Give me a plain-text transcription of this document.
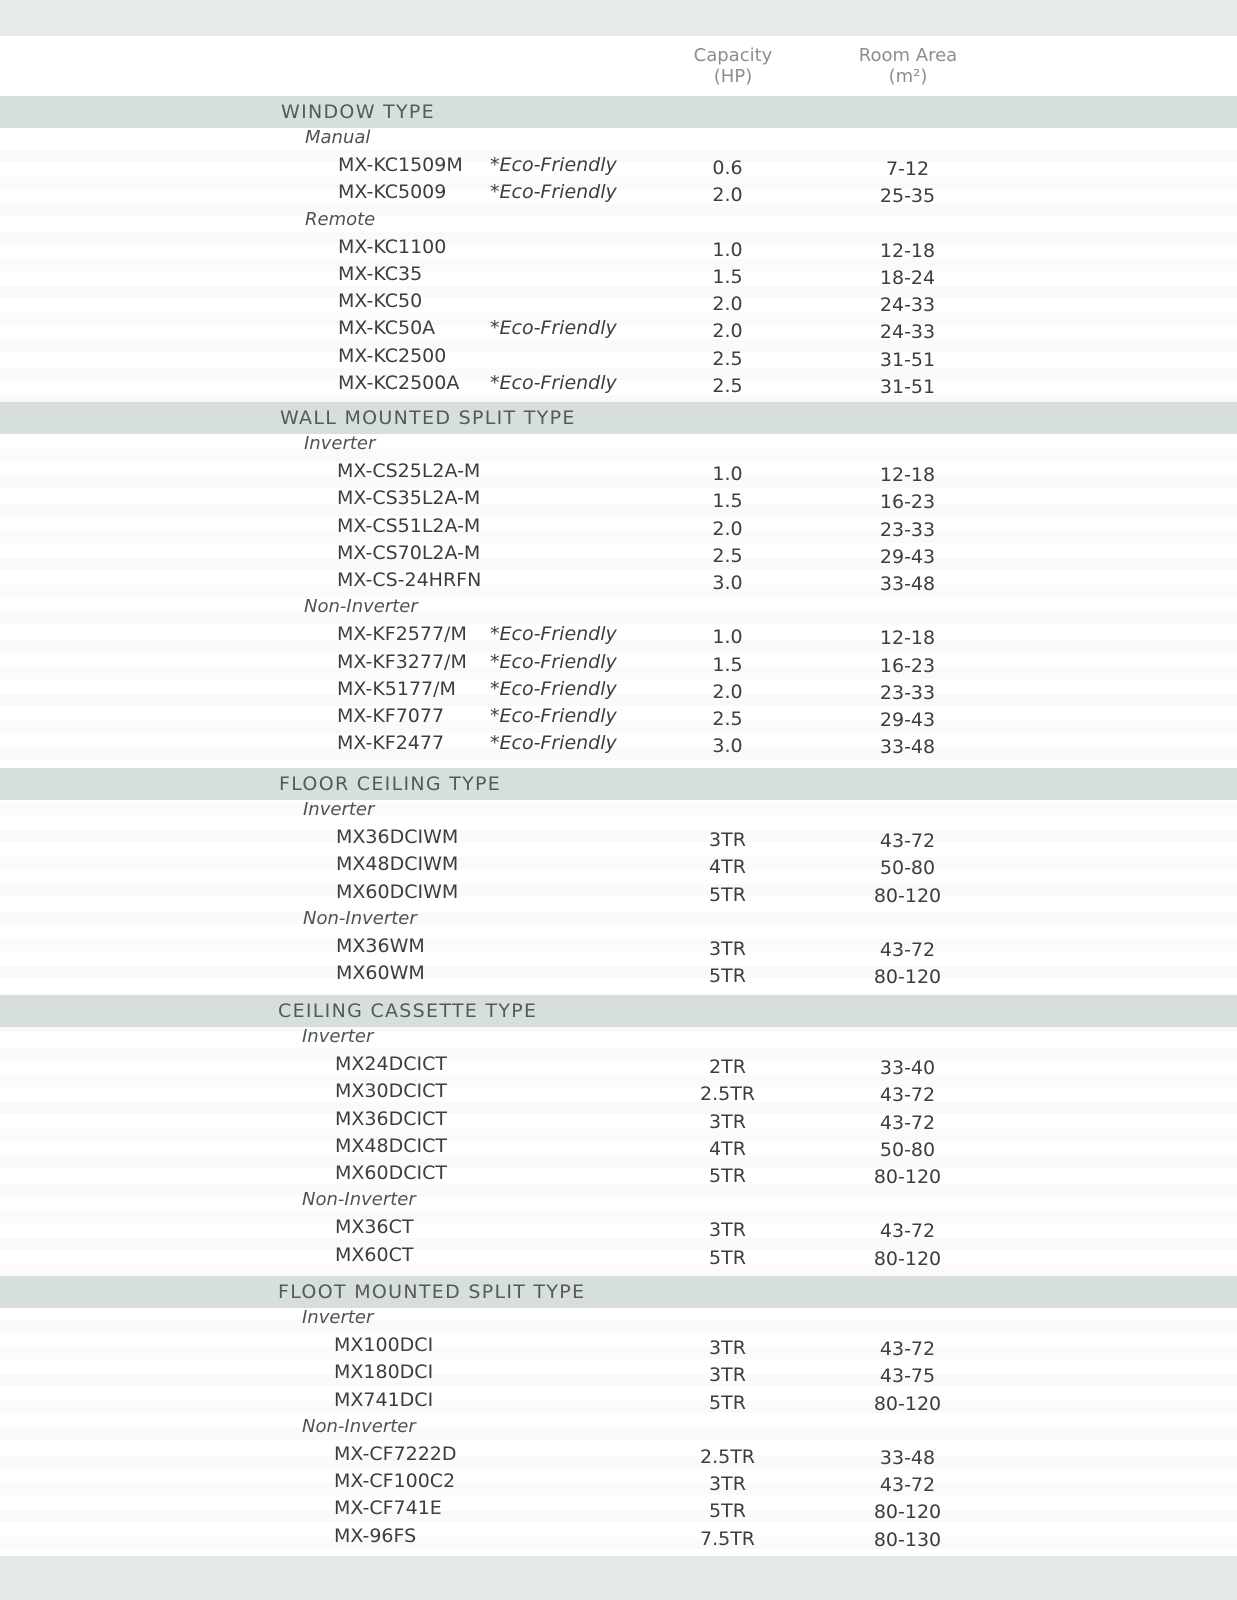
Capacity
(HP)
Room Area
(m²)
WINDOW TYPE
Manual
MX-KC1509M *Eco-Friendly	0.6	7-12
MX-KC5009 *Eco-Friendly	2.0	25-35
Remote
MX-KC1100	1.0	12-18
MX-KC35	1.5	18-24
MX-KC50	2.0	24-33
MX-KC50A	*Eco-Friendly	2.0	24-33
MX-KC2500	2.5	31-51
MX-KC2500A *Eco-Friendly	2.5	31-51
WALL MOUNTED SPLIT TYPE
Inverter
MX-CS25L2A-M	1.0	12-18
MX-CS35L2A-M	1.5	16-23
MX-CS51L2A-M	2.0	23-33
MX-CS70L2A-M	2.5	29-43
MX-CS-24HRFN	3.0	33-48
Non-Inverter
MX-KF2577/M *Eco-Friendly	1.0	12-18
MX-KF3277/M *Eco-Friendly	1.5	16-23
MX-K5177/M *Eco-Friendly	2.0	23-33
MX-KF7077 *Eco-Friendly	2.5	29-43
MX-KF2477 *Eco-Friendly	3.0	33-48
FLOOR CEILING TYPE
Inverter
MX36DCIWM	3TR	43-72
MX48DCIWM	4TR	50-80
MX60DCIWM	5TR	80-120
Non-Inverter
MX36WM	3TR	43-72
MX60WM	5TR	80-120
CEILING CASSETTE TYPE
Inverter
MX24DCICT	2TR	33-40
MX30DCICT	2.5TR	43-72
MX36DCICT	3TR	43-72
MX48DCICT	4TR	50-80
MX60DCICT	5TR	80-120
Non-Inverter
MX36CT	3TR	43-72
MX60CT	5TR	80-120
FLOOT MOUNTED SPLIT TYPE
Inverter
MX100DCI	3TR	43-72
MX180DCI	3TR	43-75
MX741DCI	5TR	80-120
Non-Inverter
MX-CF7222D	2.5TR	33-48
MX-CF100C2	3TR	43-72
MX-CF741E	5TR	80-120
MX-96FS	7.5TR	80-130
